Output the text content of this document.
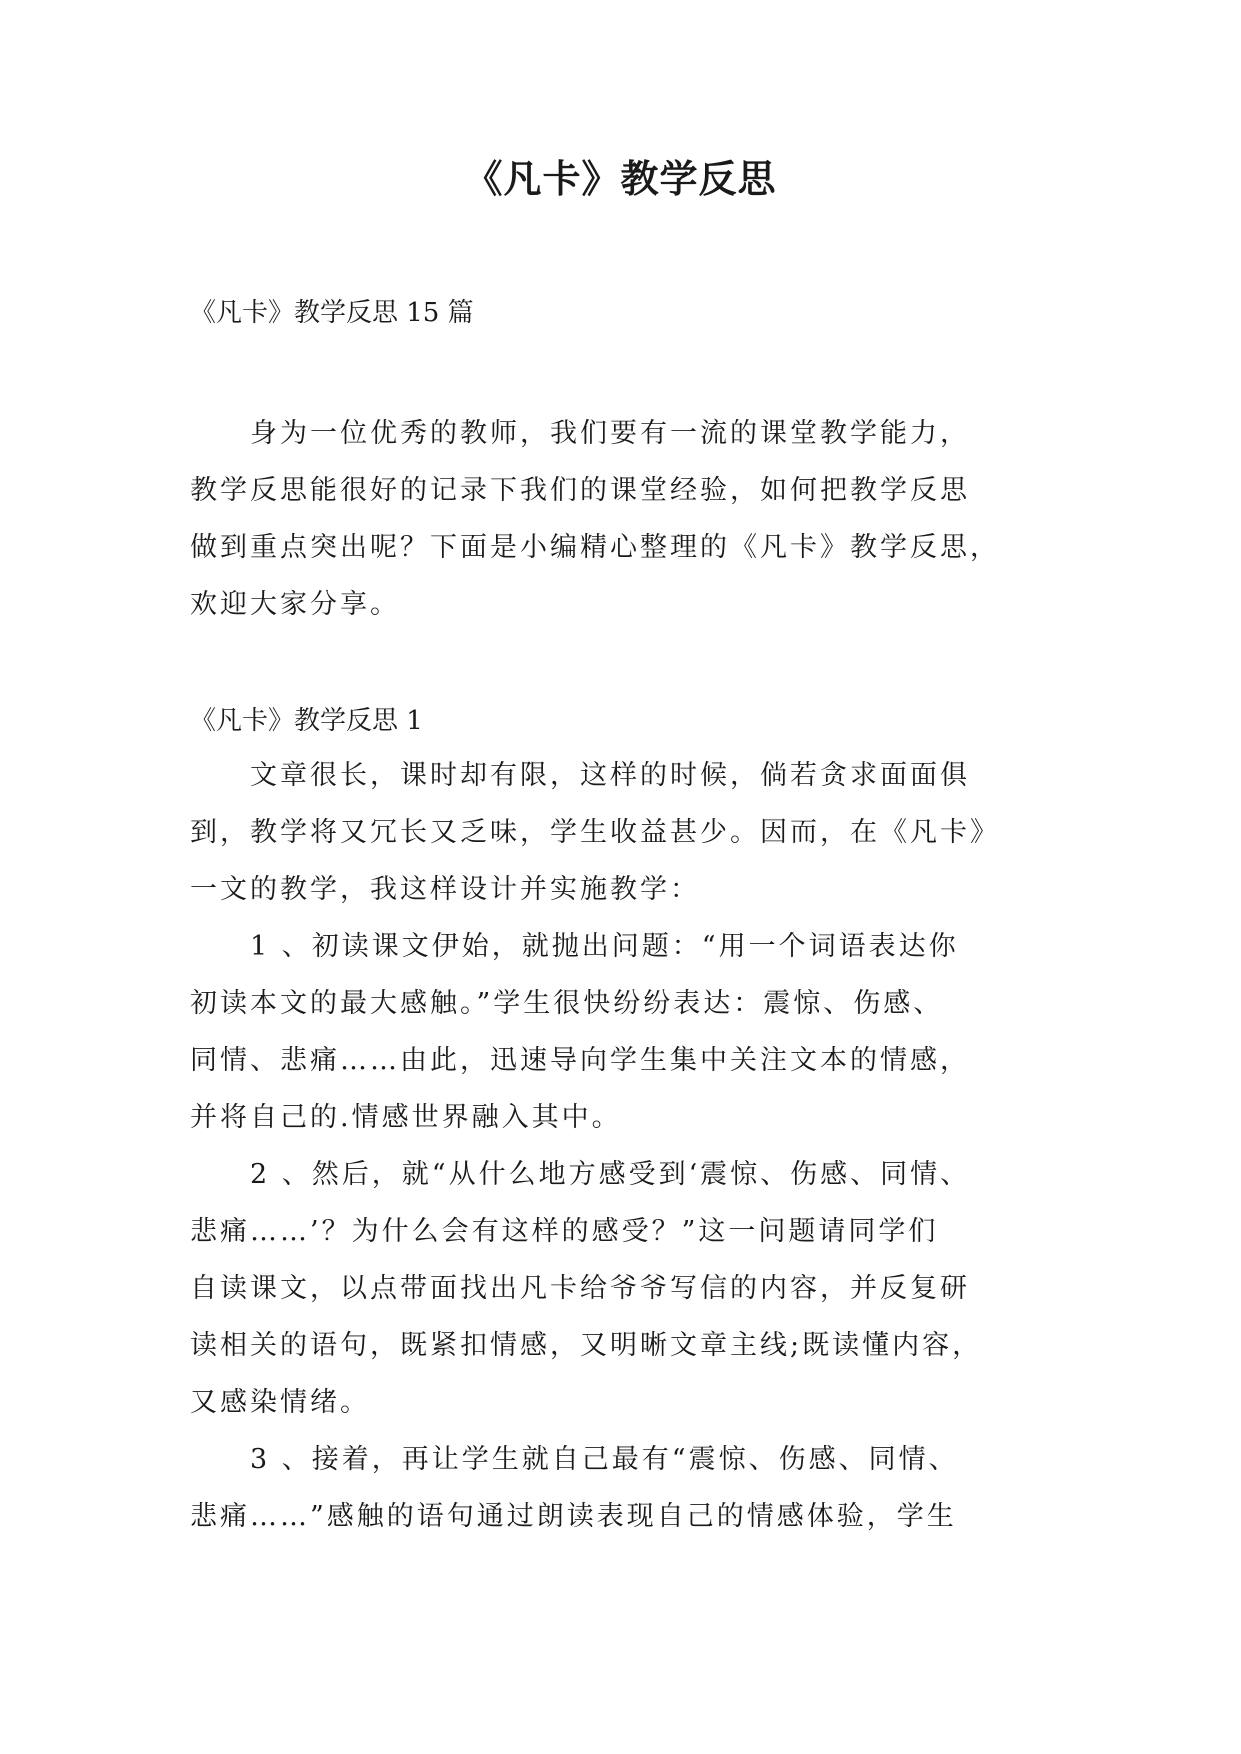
《凡卡》教学反思

《凡卡》教学反思 15 篇

　　身为一位优秀的教师，我们要有一流的课堂教学能力，
教学反思能很好的记录下我们的课堂经验，如何把教学反思
做到重点突出呢？下面是小编精心整理的《凡卡》教学反思，
欢迎大家分享。

《凡卡》教学反思 1

　　文章很长，课时却有限，这样的时候，倘若贪求面面俱
到，教学将又冗长又乏味，学生收益甚少。因而，在《凡卡》
一文的教学，我这样设计并实施教学：
　　1 、初读课文伊始，就抛出问题：“用一个词语表达你
初读本文的最大感触。”学生很快纷纷表达：震惊、伤感、
同情、悲痛……由此，迅速导向学生集中关注文本的情感，
并将自己的.情感世界融入其中。
　　2 、然后，就“从什么地方感受到‘震惊、伤感、同情、
悲痛……’？为什么会有这样的感受？”这一问题请同学们
自读课文，以点带面找出凡卡给爷爷写信的内容，并反复研
读相关的语句，既紧扣情感，又明晰文章主线;既读懂内容，
又感染情绪。
　　3 、接着，再让学生就自己最有“震惊、伤感、同情、
悲痛……”感触的语句通过朗读表现自己的情感体验，学生
